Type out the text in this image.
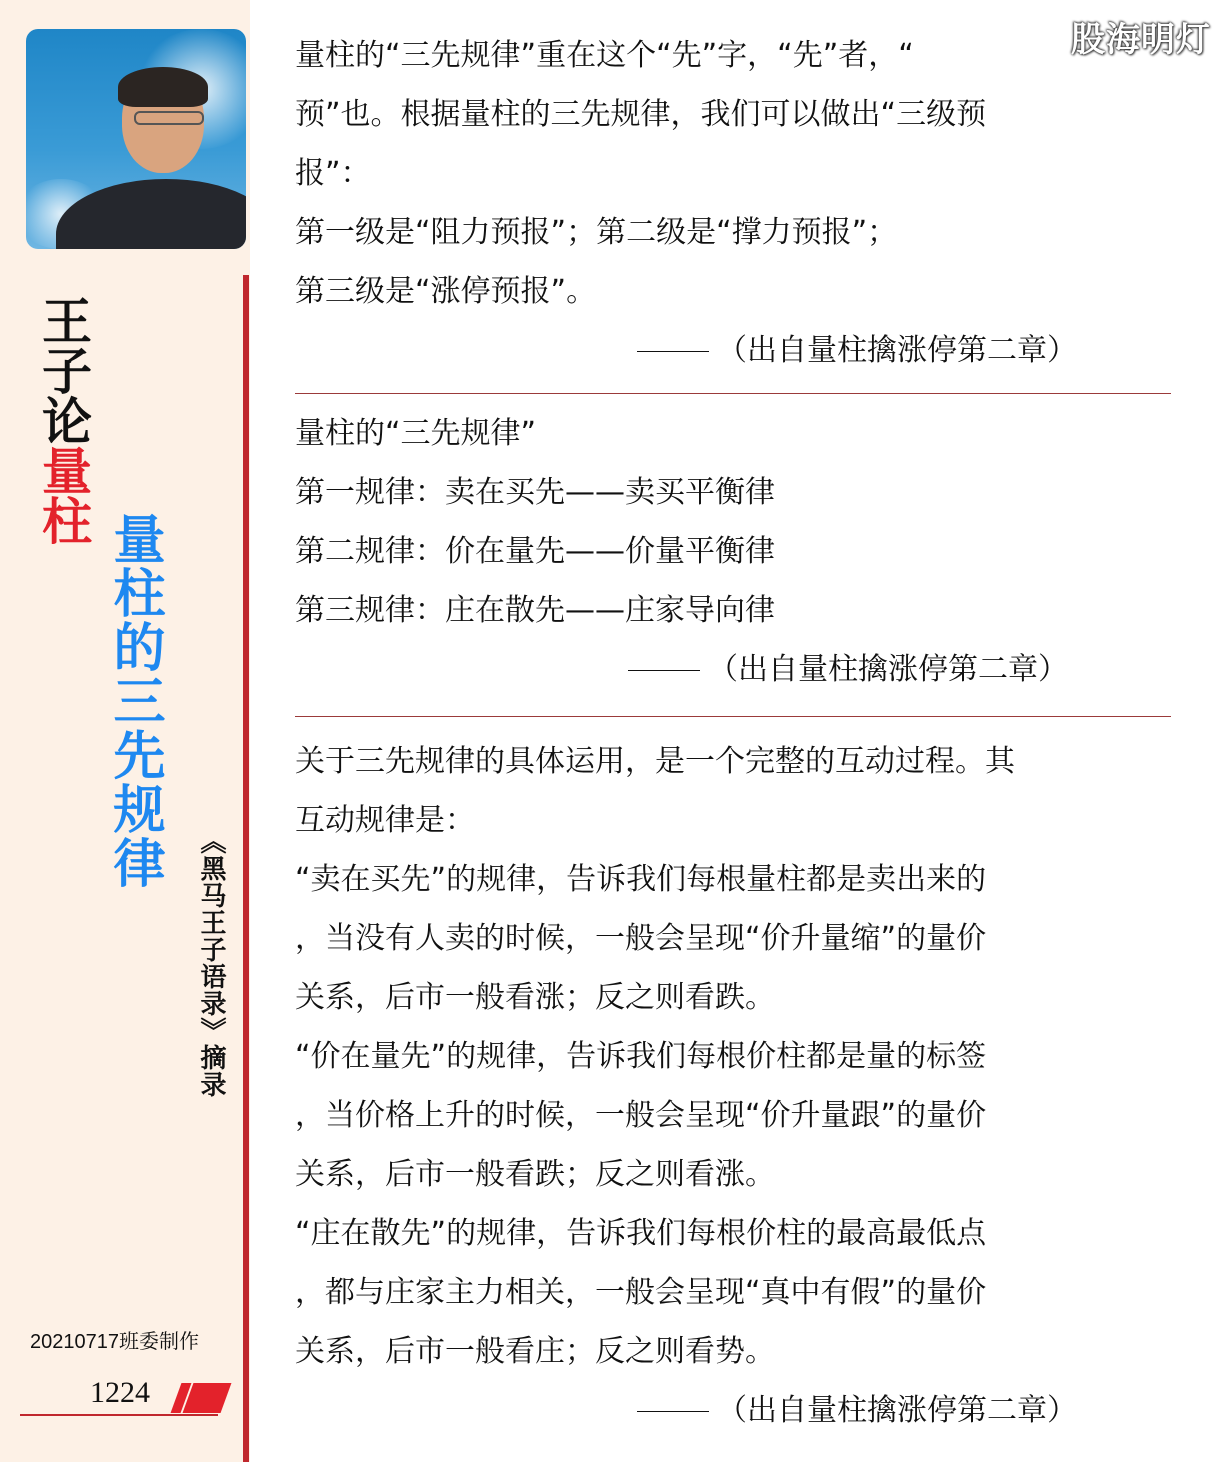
王子论量柱
量柱的三先规律
《黑马王子语录》摘录
20210717班委制作
1224
量柱的“三先规律”重在这个“先”字，“先”者，“
预”也。根据量柱的三先规律，我们可以做出“三级预
报”：
第一级是“阻力预报”；第二级是“撑力预报”；
第三级是“涨停预报”。
（出自量柱擒涨停第二章）
量柱的“三先规律”
第一规律：卖在买先——卖买平衡律
第二规律：价在量先——价量平衡律
第三规律：庄在散先——庄家导向律
（出自量柱擒涨停第二章）
关于三先规律的具体运用，是一个完整的互动过程。其
互动规律是：
“卖在买先”的规律，告诉我们每根量柱都是卖出来的
，当没有人卖的时候，一般会呈现“价升量缩”的量价
关系，后市一般看涨；反之则看跌。
“价在量先”的规律，告诉我们每根价柱都是量的标签
，当价格上升的时候，一般会呈现“价升量跟”的量价
关系，后市一般看跌；反之则看涨。
“庄在散先”的规律，告诉我们每根价柱的最高最低点
，都与庄家主力相关，一般会呈现“真中有假”的量价
关系，后市一般看庄；反之则看势。
（出自量柱擒涨停第二章）
股海明灯
